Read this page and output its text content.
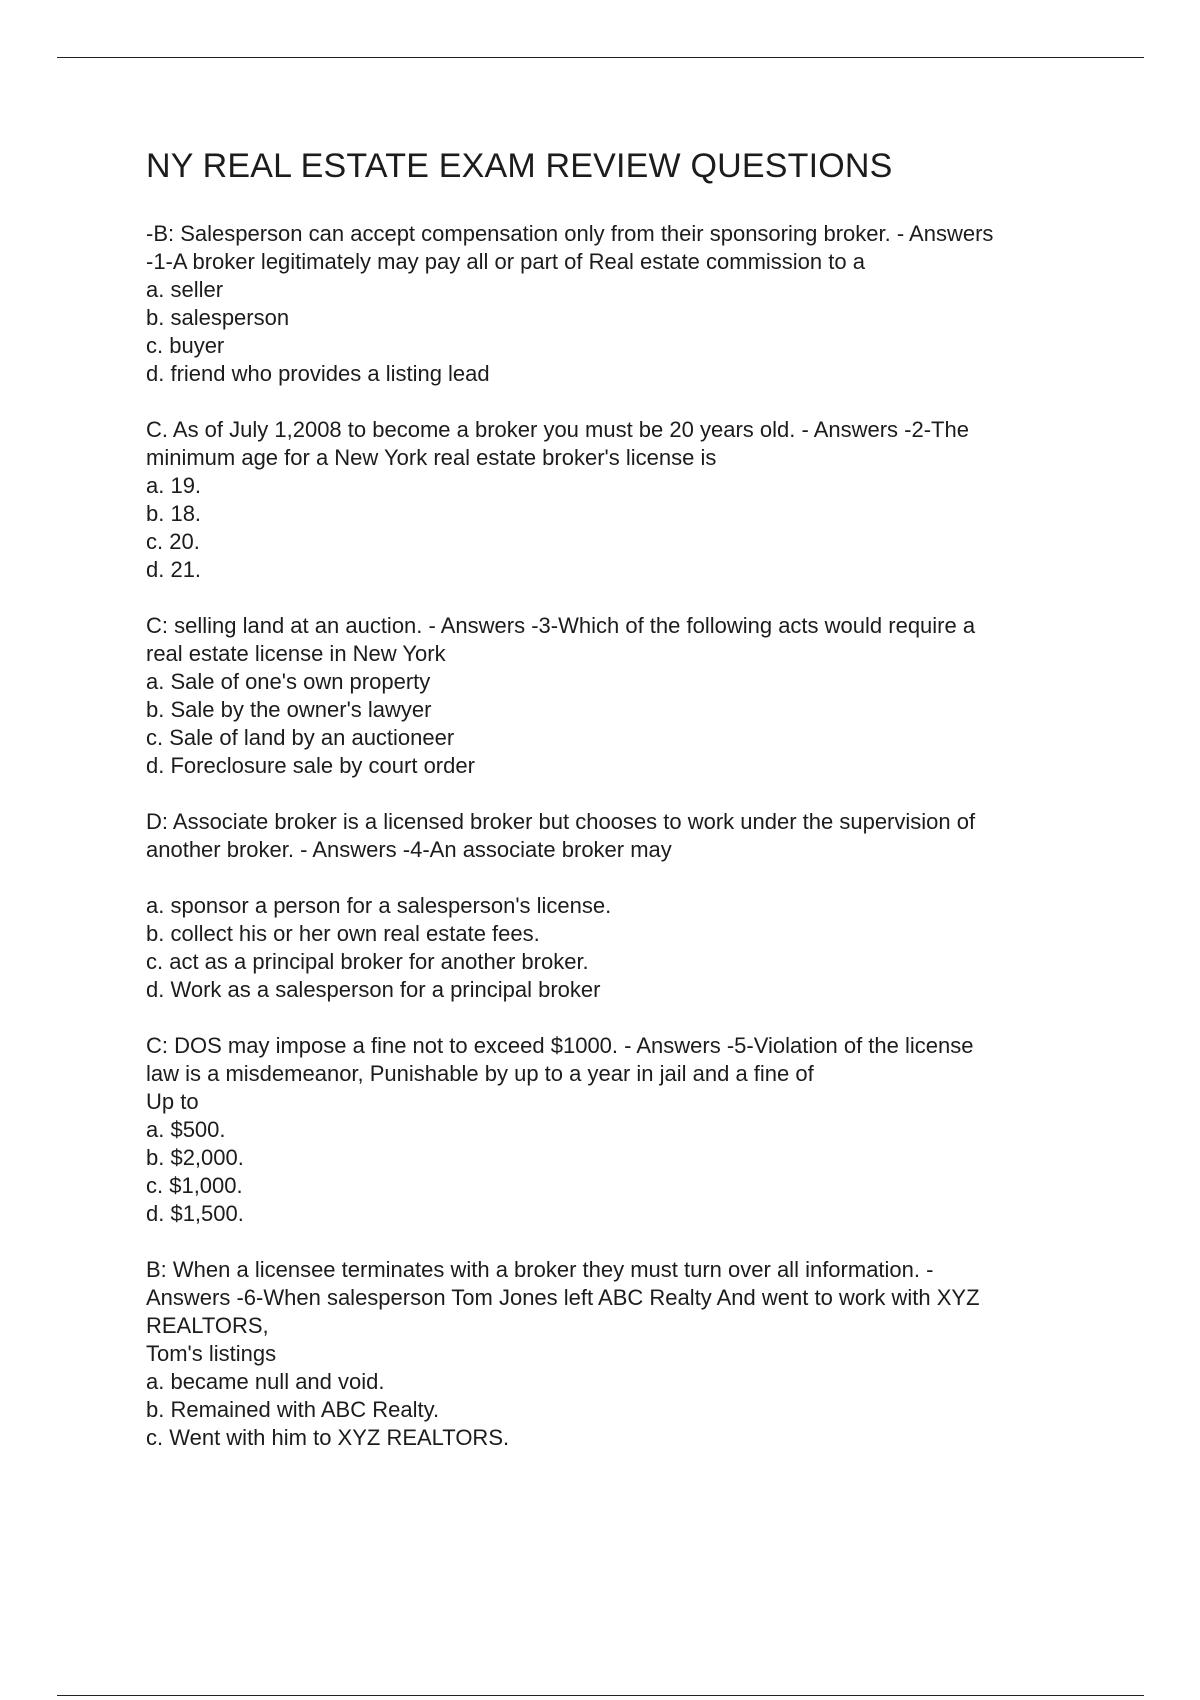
NY REAL ESTATE EXAM REVIEW QUESTIONS
-B: Salesperson can accept compensation only from their sponsoring broker. - Answers
-1-A broker legitimately may pay all or part of Real estate commission to a
a. seller
b. salesperson
c. buyer
d. friend who provides a listing lead
C. As of July 1,2008 to become a broker you must be 20 years old. - Answers -2-The
minimum age for a New York real estate broker's license is
a. 19.
b. 18.
c. 20.
d. 21.
C: selling land at an auction. - Answers -3-Which of the following acts would require a
real estate license in New York
a. Sale of one's own property
b. Sale by the owner's lawyer
c. Sale of land by an auctioneer
d. Foreclosure sale by court order
D: Associate broker is a licensed broker but chooses to work under the supervision of
another broker. - Answers -4-An associate broker may
a. sponsor a person for a salesperson's license.
b. collect his or her own real estate fees.
c. act as a principal broker for another broker.
d. Work as a salesperson for a principal broker
C: DOS may impose a fine not to exceed $1000. - Answers -5-Violation of the license
law is a misdemeanor, Punishable by up to a year in jail and a fine of
Up to
a. $500.
b. $2,000.
c. $1,000.
d. $1,500.
B: When a licensee terminates with a broker they must turn over all information. -
Answers -6-When salesperson Tom Jones left ABC Realty And went to work with XYZ
REALTORS,
Tom's listings
a. became null and void.
b. Remained with ABC Realty.
c. Went with him to XYZ REALTORS.
